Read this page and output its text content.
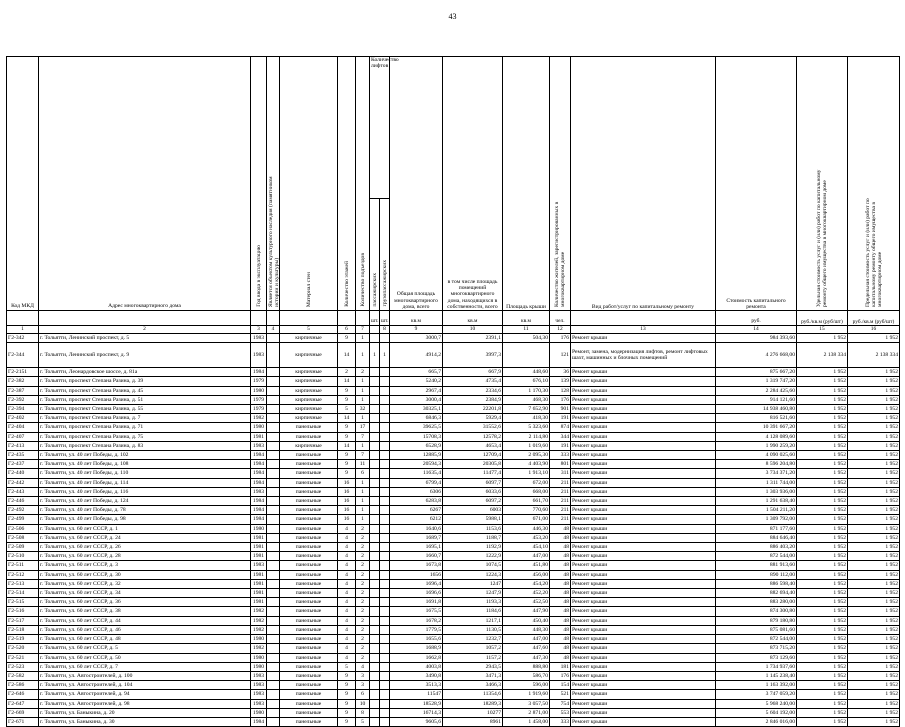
43
Код МКД	Адрес многоквартирного дома	Год ввода в эксплуатацию	Является объектом культурного наследия (памятником истории и культуры)	Материал стен	Количество этажей	Количество подъездов	Количество лифтов		Общая площадь многоквартирного дома, всего	в том числе площадь помещений многоквартирного дома, находящихся в собственности, всего	Площадь крыши	Количество жителей, зарегистрированных в многоквартирном доме	Вид работ/услуг по капитальному ремонту	Стоимость капитального ремонта	Удельная стоимость услуг и (или) работ по капитальному ремонту общего имущества в многоквартирном доме	Предельная стоимость услуг и (или) работ по капитальному ремонту общего имущества в многоквартирном доме
							пассажирских	грузопассажирских								
							шт.	шт.	кв.м	кв.м	кв.м	чел.		руб.	руб./кв.м (руб/шт)	руб./кв.м (руб/шт)
1	2	3	4	5	6	7		8	9	10	11	12	13	14	15	16
Г2-342	г. Тольятти, Ленинский проспект, д. 5	1983		кирпичные	9	1			3000,7	2391,1	504,30	176	Ремонт крыши	984 393,60	1 952	1 952
Г2-344	г. Тольятти, Ленинский проспект, д. 9	1983		кирпичные	14	1	1	1	4914,2	3997,3		121	Ремонт, замена, модернизация лифтов, ремонт лифтовых шахт, машинных и блочных помещений	4 276 668,00	2 138 334	2 138 334
Г2-2151	г. Тольятти, Леонардовское шоссе, д. 81а	1984		кирпичные	2	2			665,7	667,9	448,60	36	Ремонт крыши	875 667,20	1 952	1 952
Г2-382	г. Тольятти, проспект Степана Разина, д. 39	1979		кирпичные	14	1			5240,2	4735,4	676,10	139	Ремонт крыши	1 319 747,20	1 952	1 952
Г2-387	г. Тольятти, проспект Степана Разина, д. 45	1980		кирпичные	9	1			2967,4	2334,6	1 170,30	128	Ремонт крыши	2 284 425,60	1 952	1 952
Г2-392	г. Тольятти, проспект Степана Разина, д. 51	1979		кирпичные	9	1			3000,4	2384,9	468,30	176	Ремонт крыши	914 121,60	1 952	1 952
Г2-394	г. Тольятти, проспект Степана Разина, д. 55	1979		кирпичные	5	32			30325,1	22201,8	7 652,90	901	Ремонт крыши	14 938 460,80	1 952	1 952
Г2-402	г. Тольятти, проспект Степана Разина, д. 7	1982		кирпичные	14	1			6846,3	5929,4	418,30	191	Ремонт крыши	816 521,60	1 952	1 952
Г2-404	г. Тольятти, проспект Степана Разина, д. 71	1980		панельные	9	17			39625,5	31552,6	5 323,60	874	Ремонт крыши	10 391 667,20	1 952	1 952
Г2-407	г. Тольятти, проспект Степана Разина, д. 75	1981		панельные	9	7			15708,3	12578,2	2 114,80	344	Ремонт крыши	4 128 089,60	1 952	1 952
Г2-413	г. Тольятти, проспект Степана Разина, д. 83	1983		кирпичные	14	1			6528,9	4653,4	1 019,60	191	Ремонт крыши	1 990 259,20	1 952	1 952
Г2-435	г. Тольятти, ул. 40 лет Победы, д. 102	1984		панельные	9	7			12885,9	12709,4	2 095,30	333	Ремонт крыши	4 090 025,60	1 952	1 952
Г2-437	г. Тольятти, ул. 40 лет Победы, д. 108	1984		панельные	9	11			20594,3	20305,8	4 403,90	801	Ремонт крыши	8 596 204,80	1 952	1 952
Г2-440	г. Тольятти, ул. 40 лет Победы, д. 110	1984		панельные	9	6			11635,4	11477,4	1 913,10	311	Ремонт крыши	3 734 371,20	1 952	1 952
Г2-442	г. Тольятти, ул. 40 лет Победы, д. 114	1984		панельные	16	1			6799,4	6097,7	672,00	211	Ремонт крыши	1 311 744,00	1 952	1 952
Г2-443	г. Тольятти, ул. 40 лет Победы, д. 116	1983		панельные	16	1			6306	6033,6	668,00	211	Ремонт крыши	1 303 936,00	1 952	1 952
Г2-446	г. Тольятти, ул. 40 лет Победы, д. 124	1984		панельные	16	1			6283,8	6097,2	661,70	211	Ремонт крыши	1 291 638,40	1 952	1 952
Г2-492	г. Тольятти, ул. 40 лет Победы, д. 78	1984		панельные	16	1			6267	6003	770,60	211	Ремонт крыши	1 504 211,20	1 952	1 952
Г2-499	г. Тольятти, ул. 40 лет Победы, д. 98	1984		панельные	16	1			6212	5988,1	671,00	211	Ремонт крыши	1 309 792,00	1 952	1 952
Г2-506	г. Тольятти, ул. 60 лет СССР, д. 1	1980		панельные	4	2			1640,6	1153,6	446,30	48	Ремонт крыши	871 177,60	1 952	1 952
Г2-508	г. Тольятти, ул. 60 лет СССР, д. 24	1981		панельные	4	2			1689,7	1188,7	453,20	48	Ремонт крыши	884 646,40	1 952	1 952
Г2-509	г. Тольятти, ул. 60 лет СССР, д. 26	1981		панельные	4	2			1695,1	1192,9	454,10	48	Ремонт крыши	886 403,20	1 952	1 952
Г2-510	г. Тольятти, ул. 60 лет СССР, д. 28	1981		панельные	4	2			1660,7	1222,9	447,00	48	Ремонт крыши	872 544,00	1 952	1 952
Г2-511	г. Тольятти, ул. 60 лет СССР, д. 3	1983		панельные	4	2			1673,8	1074,5	451,80	48	Ремонт крыши	881 913,60	1 952	1 952
Г2-512	г. Тольятти, ул. 60 лет СССР, д. 30	1981		панельные	4	2			1656	1224,3	456,00	48	Ремонт крыши	890 112,00	1 952	1 952
Г2-513	г. Тольятти, ул. 60 лет СССР, д. 32	1981		панельные	4	2			1696,4	1247	454,20	48	Ремонт крыши	886 598,40	1 952	1 952
Г2-514	г. Тольятти, ул. 60 лет СССР, д. 34	1981		панельные	4	2			1696,6	1247,9	452,20	48	Ремонт крыши	882 694,40	1 952	1 952
Г2-515	г. Тольятти, ул. 60 лет СССР, д. 36	1981		панельные	4	2			1691,8	1193,3	452,50	48	Ремонт крыши	883 280,00	1 952	1 952
Г2-516	г. Тольятти, ул. 60 лет СССР, д. 38	1982		панельные	4	2			1675,5	1184,6	447,90	48	Ремонт крыши	874 300,80	1 952	1 952
Г2-517	г. Тольятти, ул. 60 лет СССР, д. 44	1982		панельные	4	2			1678,2	1217,1	450,40	48	Ремонт крыши	879 180,80	1 952	1 952
Г2-518	г. Тольятти, ул. 60 лет СССР, д. 46	1982		панельные	4	2			1779,5	1130,5	448,30	48	Ремонт крыши	875 081,60	1 952	1 952
Г2-519	г. Тольятти, ул. 60 лет СССР, д. 48	1980		панельные	4	2			1655,6	1232,7	447,00	48	Ремонт крыши	872 544,00	1 952	1 952
Г2-520	г. Тольятти, ул. 60 лет СССР, д. 5	1982		панельные	4	2			1688,9	1057,2	447,60	48	Ремонт крыши	873 715,20	1 952	1 952
Г2-521	г. Тольятти, ул. 60 лет СССР, д. 50	1980		панельные	4	2			1662,8	1157,2	447,30	48	Ремонт крыши	873 129,60	1 952	1 952
Г2-523	г. Тольятти, ул. 60 лет СССР, д. 7	1980		панельные	5	4			4003,8	2943,5	888,80	181	Ремонт крыши	1 734 937,60	1 952	1 952
Г2-582	г. Тольятти, ул. Автостроителей, д. 100	1983		панельные	9	3			3490,8	3471,3	586,70	176	Ремонт крыши	1 145 238,40	1 952	1 952
Г2-586	г. Тольятти, ул. Автостроителей, д. 104	1983		панельные	9	3			3513,3	3466,3	596,00	154	Ремонт крыши	1 163 392,00	1 952	1 952
Г2-646	г. Тольятти, ул. Автостроителей, д. 94	1983		панельные	9	6			11547	11354,6	1 919,60	521	Ремонт крыши	3 747 059,20	1 952	1 952
Г2-647	г. Тольятти, ул. Автостроителей, д. 98	1983		панельные	9	10			18528,9	18289,3	3 057,50	754	Ремонт крыши	5 968 240,00	1 952	1 952
Г2-669	г. Тольятти, ул. Баныкина, д. 20	1980		панельные	9	8			16714,3	10277	2 871,00	553	Ремонт крыши	5 604 192,00	1 952	1 952
Г2-671	г. Тольятти, ул. Баныкина, д. 30	1984		панельные	9	5			9605,6	8961	1 458,00	333	Ремонт крыши	2 846 016,00	1 952	1 952
